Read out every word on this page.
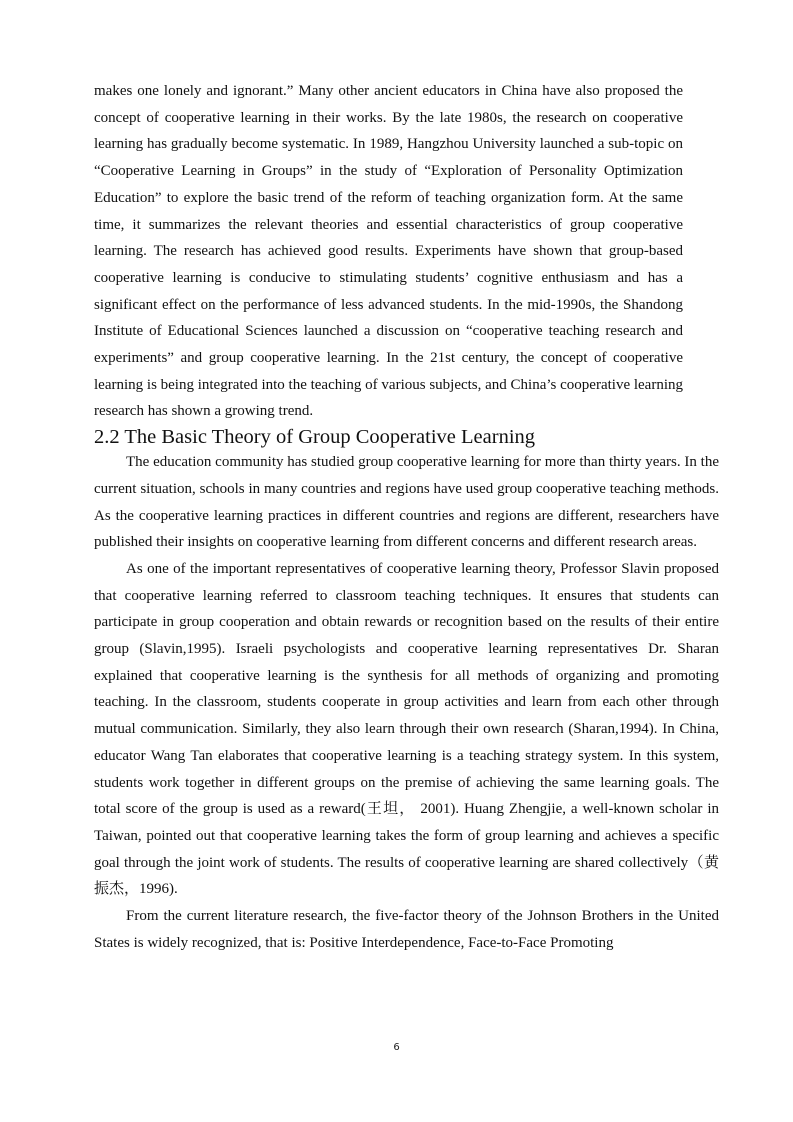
makes one lonely and ignorant.” Many other ancient educators in China have also proposed the concept of cooperative learning in their works. By the late 1980s, the research on cooperative learning has gradually become systematic. In 1989, Hangzhou University launched a sub-topic on “Cooperative Learning in Groups” in the study of “Exploration of Personality Optimization Education” to explore the basic trend of the reform of teaching organization form. At the same time, it summarizes the relevant theories and essential characteristics of group cooperative learning. The research has achieved good results. Experiments have shown that group-based cooperative learning is conducive to stimulating students’ cognitive enthusiasm and has a significant effect on the performance of less advanced students. In the mid-1990s, the Shandong Institute of Educational Sciences launched a discussion on “cooperative teaching research and experiments” and group cooperative learning. In the 21st century, the concept of cooperative learning is being integrated into the teaching of various subjects, and China’s cooperative learning research has shown a growing trend.

2.2 The Basic Theory of Group Cooperative Learning

The education community has studied group cooperative learning for more than thirty years. In the current situation, schools in many countries and regions have used group cooperative teaching methods. As the cooperative learning practices in different countries and regions are different, researchers have published their insights on cooperative learning from different concerns and different research areas.

As one of the important representatives of cooperative learning theory, Professor Slavin proposed that cooperative learning referred to classroom teaching techniques. It ensures that students can participate in group cooperation and obtain rewards or recognition based on the results of their entire group (Slavin,1995). Israeli psychologists and cooperative learning representatives Dr. Sharan explained that cooperative learning is the synthesis for all methods of organizing and promoting teaching. In the classroom, students cooperate in group activities and learn from each other through mutual communication. Similarly, they also learn through their own research (Sharan,1994). In China, educator Wang Tan elaborates that cooperative learning is a teaching strategy system. In this system, students work together in different groups on the premise of achieving the same learning goals. The total score of the group is used as a reward(王坦， 2001). Huang Zhengjie, a well-known scholar in Taiwan, pointed out that cooperative learning takes the form of group learning and achieves a specific goal through the joint work of students. The results of cooperative learning are shared collectively（黄振杰，1996).

From the current literature research, the five-factor theory of the Johnson Brothers in the United States is widely recognized, that is: Positive Interdependence, Face-to-Face Promoting

6
